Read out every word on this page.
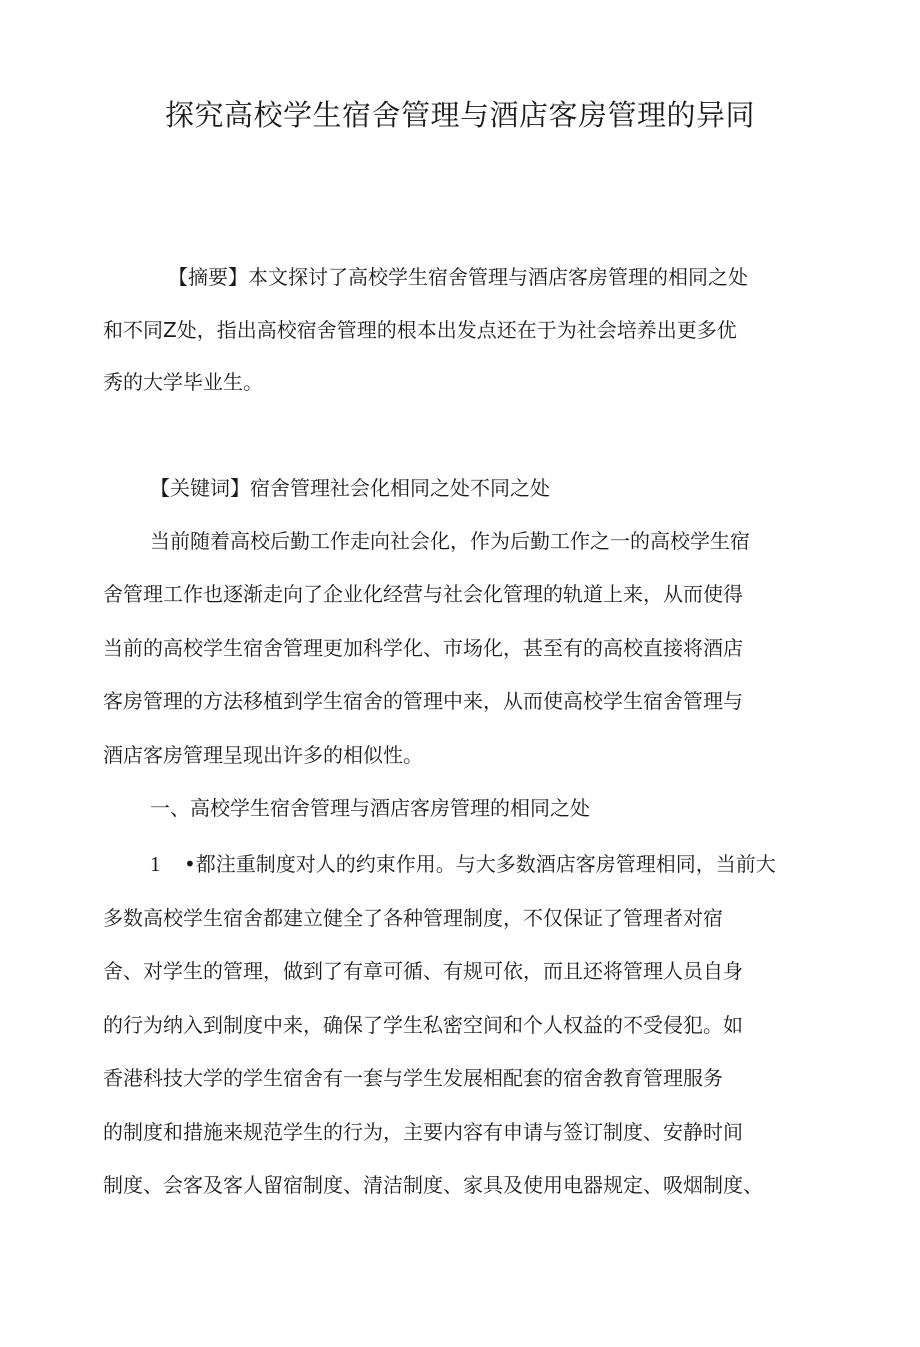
探究高校学生宿舍管理与酒店客房管理的异同
【摘要】本文探讨了高校学生宿舍管理与酒店客房管理的相同之处
和不同Z处，指出高校宿舍管理的根本出发点还在于为社会培养出更多优
秀的大学毕业生。
【关键词】宿舍管理社会化相同之处不同之处
当前随着高校后勤工作走向社会化，作为后勤工作之一的高校学生宿
舍管理工作也逐渐走向了企业化经营与社会化管理的轨道上来，从而使得
当前的高校学生宿舍管理更加科学化、市场化，甚至有的高校直接将酒店
客房管理的方法移植到学生宿舍的管理中来，从而使高校学生宿舍管理与
酒店客房管理呈现出许多的相似性。
一、高校学生宿舍管理与酒店客房管理的相同之处
1 •都注重制度对人的约束作用。与大多数酒店客房管理相同，当前大
多数高校学生宿舍都建立健全了各种管理制度，不仅保证了管理者对宿
舍、对学生的管理，做到了有章可循、有规可依，而且还将管理人员自身
的行为纳入到制度中来，确保了学生私密空间和个人权益的不受侵犯。如
香港科技大学的学生宿舍有一套与学生发展相配套的宿舍教育管理服务
的制度和措施来规范学生的行为，主要内容有申请与签订制度、安静时间
制度、会客及客人留宿制度、清洁制度、家具及使用电器规定、吸烟制度、
